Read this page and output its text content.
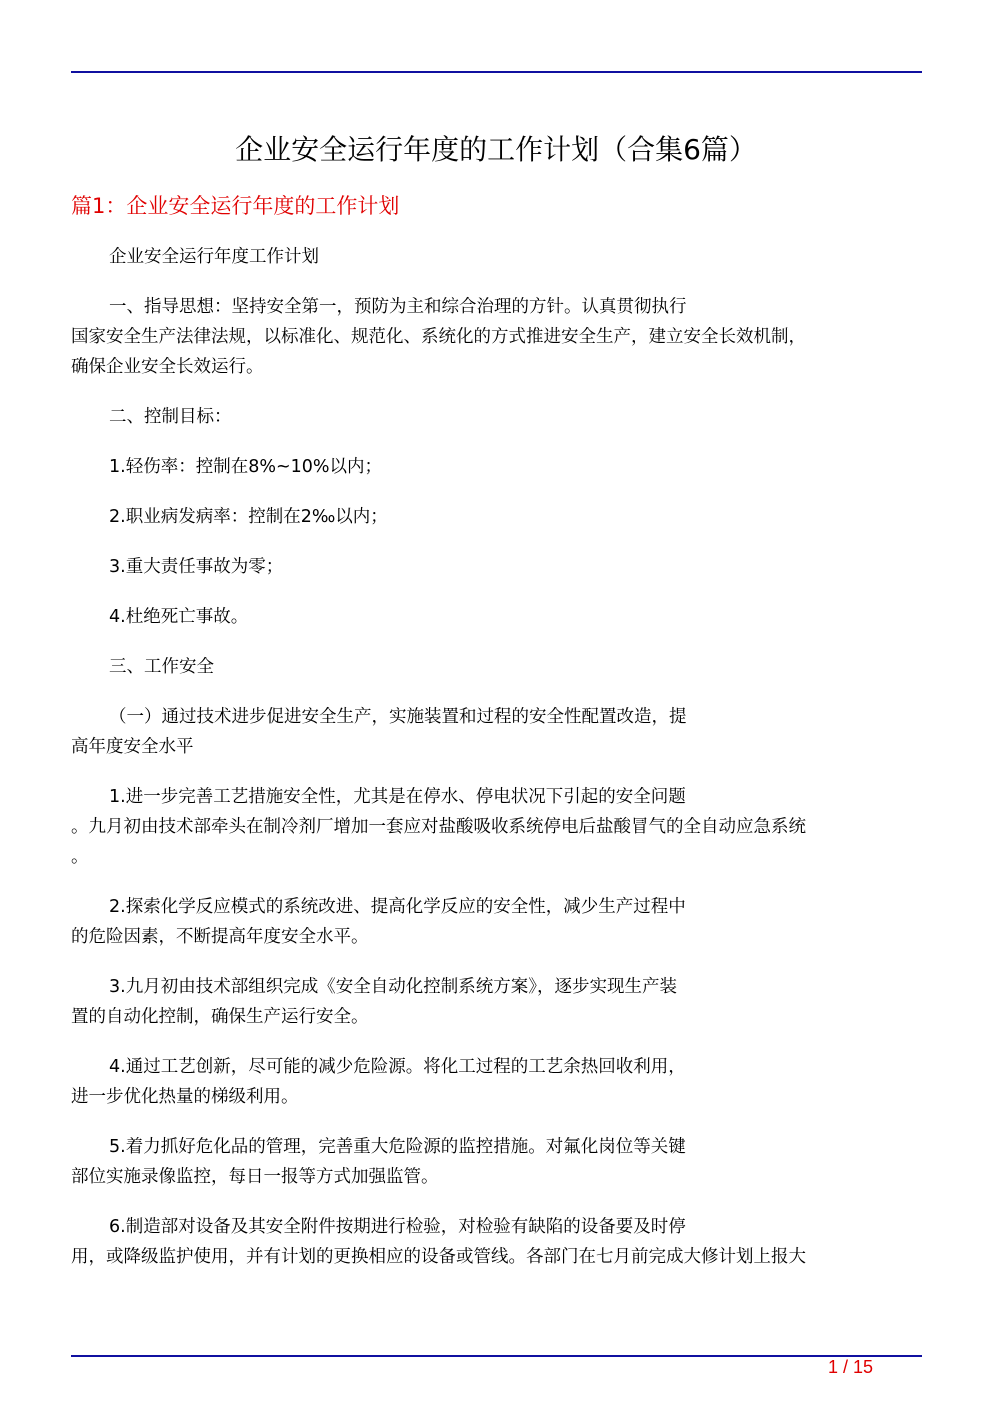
企业安全运行年度的工作计划（合集6篇）
篇1：企业安全运行年度的工作计划
企业安全运行年度工作计划
一、指导思想：坚持安全第一，预防为主和综合治理的方针。认真贯彻执行
国家安全生产法律法规，以标准化、规范化、系统化的方式推进安全生产，建立安全长效机制，
确保企业安全长效运行。
二、控制目标：
1.轻伤率：控制在8%~10%以内；
2.职业病发病率：控制在2‰以内；
3.重大责任事故为零；
4.杜绝死亡事故。
三、工作安全
（一）通过技术进步促进安全生产，实施装置和过程的安全性配置改造，提
高年度安全水平
1.进一步完善工艺措施安全性，尤其是在停水、停电状况下引起的安全问题
。九月初由技术部牵头在制冷剂厂增加一套应对盐酸吸收系统停电后盐酸冒气的全自动应急系统
。
2.探索化学反应模式的系统改进、提高化学反应的安全性，减少生产过程中
的危险因素，不断提高年度安全水平。
3.九月初由技术部组织完成《安全自动化控制系统方案》，逐步实现生产装
置的自动化控制，确保生产运行安全。
4.通过工艺创新，尽可能的减少危险源。将化工过程的工艺余热回收利用，
进一步优化热量的梯级利用。
5.着力抓好危化品的管理，完善重大危险源的监控措施。对氟化岗位等关键
部位实施录像监控，每日一报等方式加强监管。
6.制造部对设备及其安全附件按期进行检验，对检验有缺陷的设备要及时停
用，或降级监护使用，并有计划的更换相应的设备或管线。各部门在七月前完成大修计划上报大
1 / 15
